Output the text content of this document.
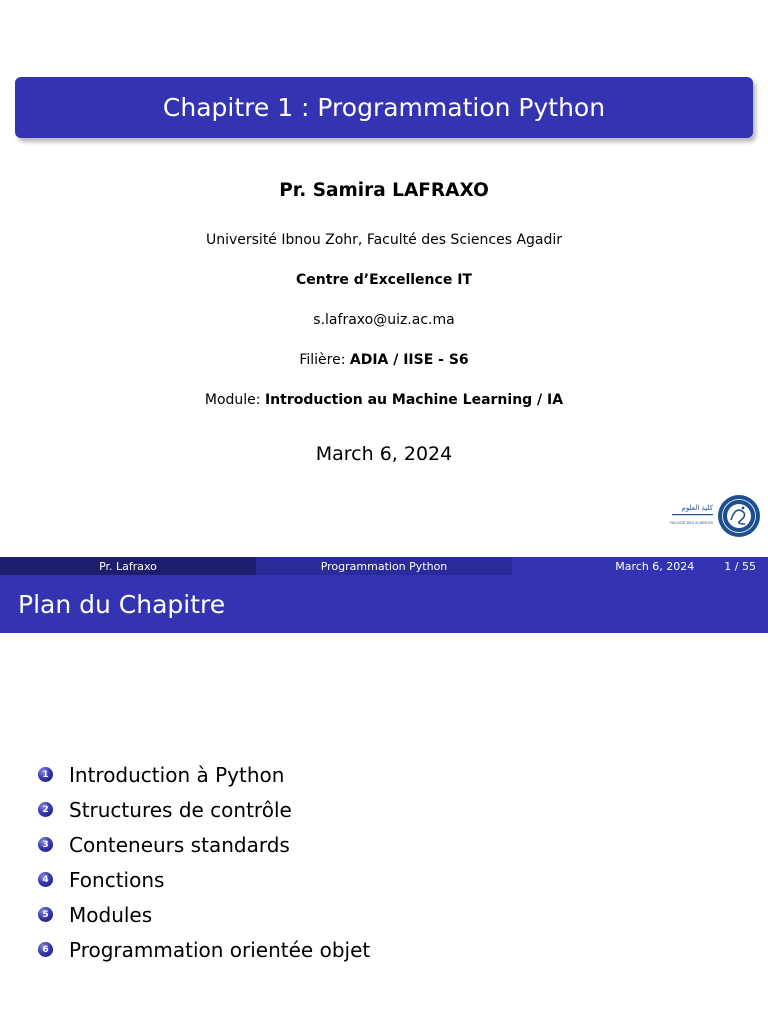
Chapitre 1 : Programmation Python
Pr. Samira LAFRAXO
Université Ibnou Zohr, Faculté des Sciences Agadir
Centre d’Excellence IT
s.lafraxo@uiz.ac.ma
Filière: ADIA / IISE - S6
Module: Introduction au Machine Learning / IA
March 6, 2024
كلية العلوم
FACULTÉ DES SCIENCES
Pr. Lafraxo	Programmation Python	March 6, 2024	1 / 55
Plan du Chapitre
1 Introduction à Python
2 Structures de contrôle
3 Conteneurs standards
4 Fonctions
5 Modules
6 Programmation orientée objet
